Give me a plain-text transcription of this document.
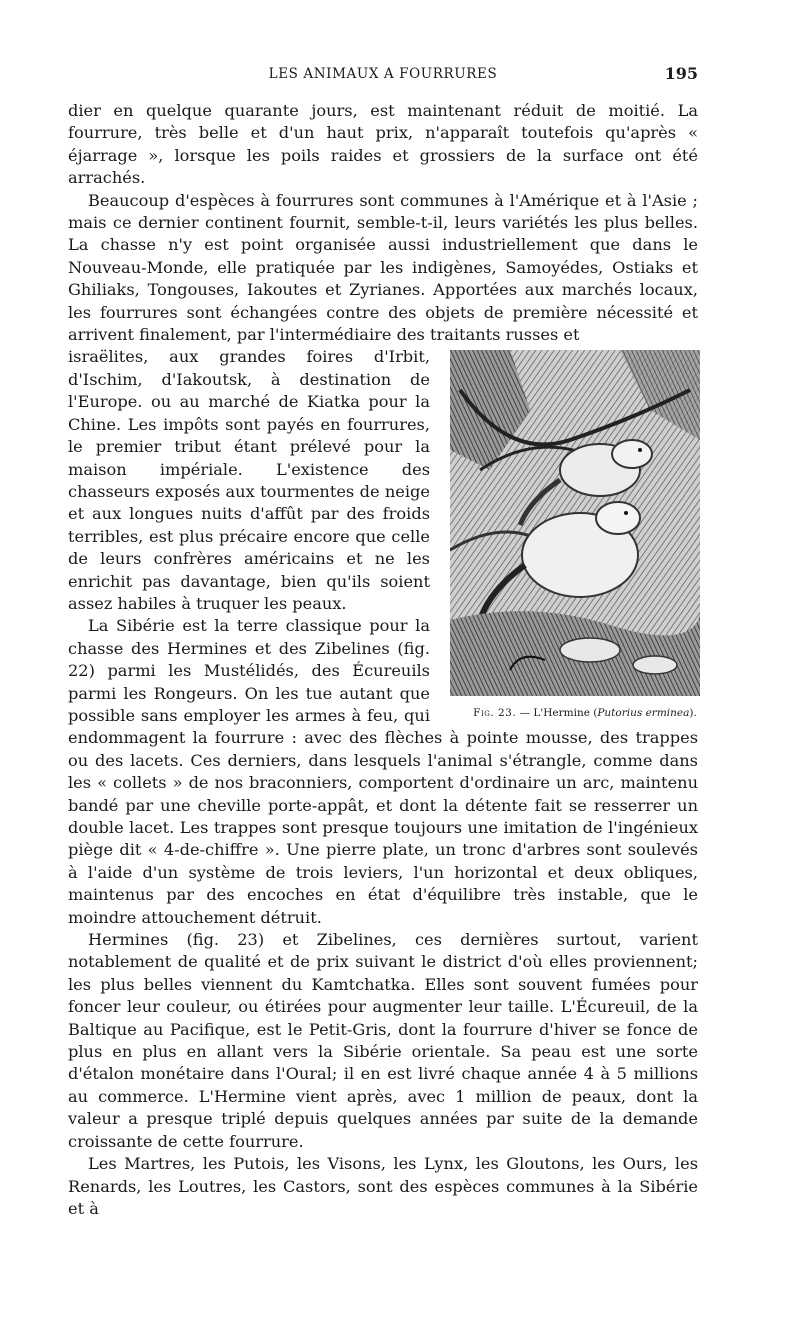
LES ANIMAUX A FOURRURES	195

dier en quelque quarante jours, est maintenant réduit de moitié. La fourrure, très belle et d'un haut prix, n'apparaît toutefois qu'après « éjarrage », lorsque les poils raides et grossiers de la surface ont été arrachés.

Beaucoup d'espèces à fourrures sont communes à l'Amérique et à l'Asie ; mais ce dernier continent fournit, semble-t-il, leurs variétés les plus belles. La chasse n'y est point organisée aussi industriellement que dans le Nouveau-Monde, elle pratiquée par les indigènes, Samoyédes, Ostiaks et Ghiliaks, Tongouses, Iakoutes et Zyrianes. Apportées aux marchés locaux, les fourrures sont échangées contre des objets de première nécessité et arrivent finalement, par l'intermédiaire des traitants russes et

Fig. 23. — L'Hermine (Putorius erminea).

israëlites, aux grandes foires d'Irbit, d'Ischim, d'Iakoutsk, à destination de l'Europe. ou au marché de Kiatka pour la Chine. Les impôts sont payés en fourrures, le premier tribut étant prélevé pour la maison impériale. L'existence des chasseurs exposés aux tourmentes de neige et aux longues nuits d'affût par des froids terribles, est plus précaire encore que celle de leurs confrères américains et ne les enrichit pas davantage, bien qu'ils soient assez habiles à truquer les peaux.

La Sibérie est la terre classique pour la chasse des Hermines et des Zibelines (fig. 22) parmi les Mustélidés, des Écureuils parmi les Rongeurs. On les tue autant que possible sans employer les armes à feu, qui endommagent la fourrure : avec des flèches à pointe mousse, des trappes ou des lacets. Ces derniers, dans lesquels l'animal s'étrangle, comme dans les « collets » de nos braconniers, comportent d'ordinaire un arc, maintenu bandé par une cheville porte-appât, et dont la détente fait se resserrer un double lacet. Les trappes sont presque toujours une imitation de l'ingénieux piège dit « 4-de-chiffre ». Une pierre plate, un tronc d'arbres sont soulevés à l'aide d'un système de trois leviers, l'un horizontal et deux obliques, maintenus par des encoches en état d'équilibre très instable, que le moindre attouchement détruit.

Hermines (fig. 23) et Zibelines, ces dernières surtout, varient notablement de qualité et de prix suivant le district d'où elles proviennent; les plus belles viennent du Kamtchatka. Elles sont souvent fumées pour foncer leur couleur, ou étirées pour augmenter leur taille. L'Écureuil, de la Baltique au Pacifique, est le Petit-Gris, dont la fourrure d'hiver se fonce de plus en plus en allant vers la Sibérie orientale. Sa peau est une sorte d'étalon monétaire dans l'Oural; il en est livré chaque année 4 à 5 millions au commerce. L'Hermine vient après, avec 1 million de peaux, dont la valeur a presque triplé depuis quelques années par suite de la demande croissante de cette fourrure.

Les Martres, les Putois, les Visons, les Lynx, les Gloutons, les Ours, les Renards, les Loutres, les Castors, sont des espèces communes à la Sibérie et à
